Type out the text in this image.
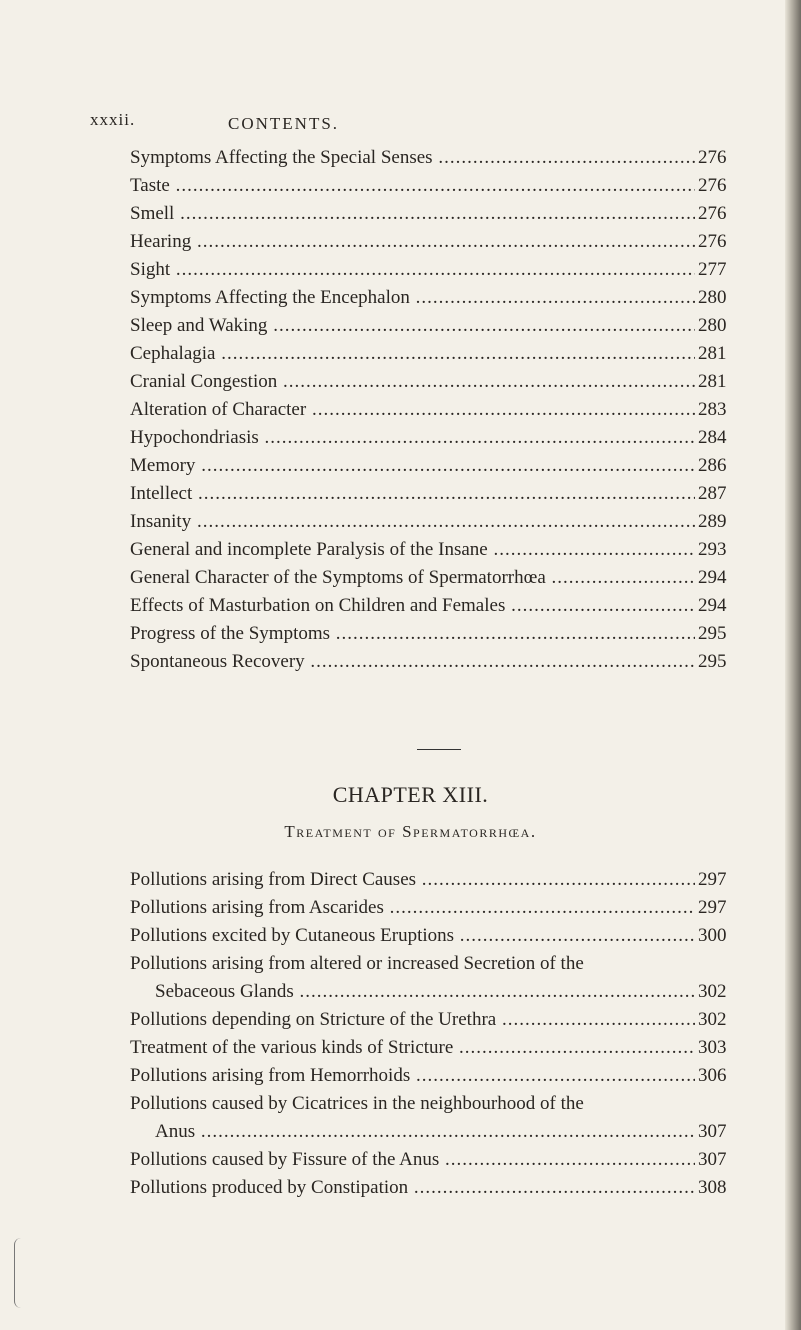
xxxii.	CONTENTS.
Symptoms Affecting the Special Senses .....	276
Taste .....	276
Smell .....	276
Hearing .....	276
Sight .....	277
Symptoms Affecting the Encephalon .....	280
Sleep and Waking .....	280
Cephalagia .....	281
Cranial Congestion .....	281
Alteration of Character .....	283
Hypochondriasis .....	284
Memory .....	286
Intellect .....	287
Insanity .....	289
General and incomplete Paralysis of the Insane .....	293
General Character of the Symptoms of Spermatorrhœa .....	294
Effects of Masturbation on Children and Females .....	294
Progress of the Symptoms .....	295
Spontaneous Recovery .....	295
CHAPTER XIII.
Treatment of Spermatorrhœa.
Pollutions arising from Direct Causes .....	297
Pollutions arising from Ascarides .....	297
Pollutions excited by Cutaneous Eruptions .....	300
Pollutions arising from altered or increased Secretion of the
Sebaceous Glands .....	302
Pollutions depending on Stricture of the Urethra .....	302
Treatment of the various kinds of Stricture .....	303
Pollutions arising from Hemorrhoids .....	306
Pollutions caused by Cicatrices in the neighbourhood of the
Anus .....	307
Pollutions caused by Fissure of the Anus .....	307
Pollutions produced by Constipation .....	308
